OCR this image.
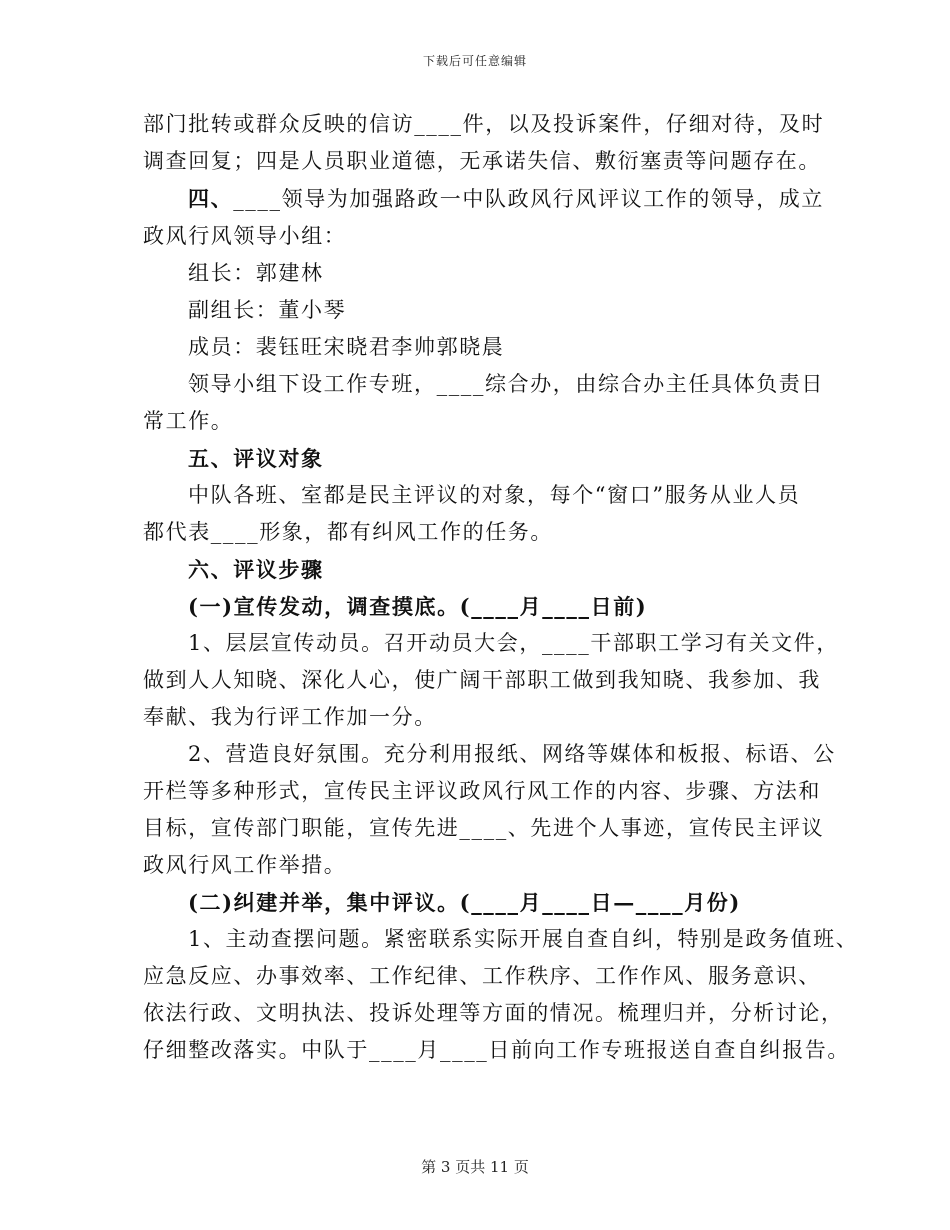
下载后可任意编辑

部门批转或群众反映的信访____件，以及投诉案件，仔细对待，及时

调查回复；四是人员职业道德，无承诺失信、敷衍塞责等问题存在。

四、____领导为加强路政一中队政风行风评议工作的领导，成立

政风行风领导小组：

组长：郭建林

副组长：董小琴

成员：裴钰旺宋晓君李帅郭晓晨

领导小组下设工作专班，____综合办，由综合办主任具体负责日

常工作。

五、评议对象

中队各班、室都是民主评议的对象，每个“窗口”服务从业人员

都代表____形象，都有纠风工作的任务。

六、评议步骤

(一)宣传发动，调查摸底。(____月____日前)

1、层层宣传动员。召开动员大会，____干部职工学习有关文件，

做到人人知晓、深化人心，使广阔干部职工做到我知晓、我参加、我

奉献、我为行评工作加一分。

2、营造良好氛围。充分利用报纸、网络等媒体和板报、标语、公

开栏等多种形式，宣传民主评议政风行风工作的内容、步骤、方法和

目标，宣传部门职能，宣传先进____、先进个人事迹，宣传民主评议

政风行风工作举措。

(二)纠建并举，集中评议。(____月____日—____月份)

1、主动查摆问题。紧密联系实际开展自查自纠，特别是政务值班、

应急反应、办事效率、工作纪律、工作秩序、工作作风、服务意识、

依法行政、文明执法、投诉处理等方面的情况。梳理归并，分析讨论，

仔细整改落实。中队于____月____日前向工作专班报送自查自纠报告。

第 3 页共 11 页
